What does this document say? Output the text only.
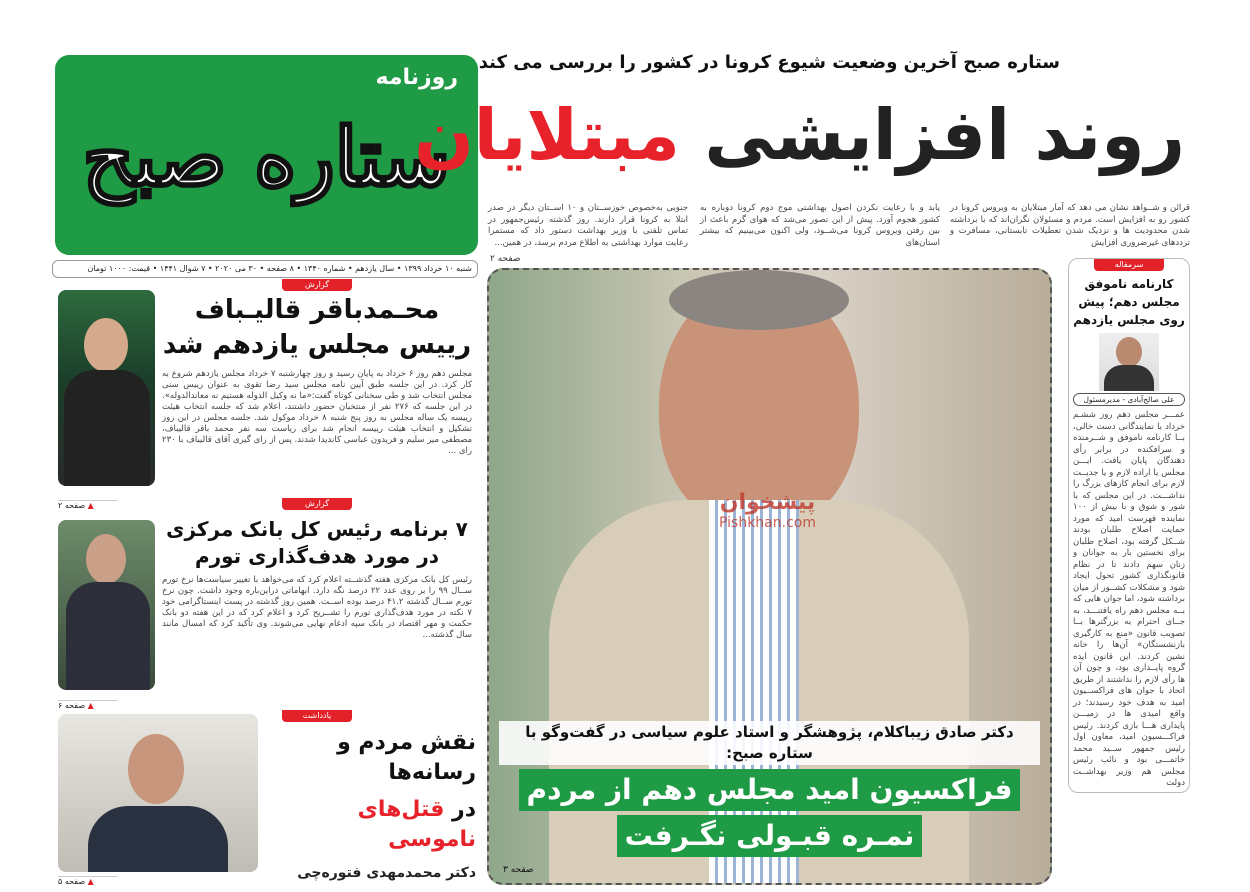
روزنامه
ستاره صبح
شنبه ۱۰ خرداد ۱۳۹۹ • سال یازدهم • شماره ۱۳۴۰ • ۸ صفحه • ۳۰ می ۲۰۲۰ • ۷ شوال ۱۴۴۱ • قیمت: ۱۰۰۰ تومان
ستاره صبح آخرین وضعیت شیوع کرونا در کشور را بررسی می کند
روند افزایشی مبتلایان
قرائن و شــواهد نشان می دهد که آمار مبتلایان به ویروس کرونا در کشور رو به افزایش است. مردم و مسئولان نگران‌اند که با برداشته شدن محدودیت ها و نزدیک شدن تعطیلات تابستانی، مسافرت و ترددهای غیرضروری افزایش
یابد و با رعایت نکردن اصول بهداشتی موج دوم کرونا دوباره به کشور هجوم آورد. پیش از این تصور می‌شد که هوای گرم باعث از بین رفتن ویروس کرونا می‌شــود، ولی اکنون می‌بینیم که بیشتر استان‌های
جنوبی به‌خصوص خوزســتان و ۱۰ اســتان دیگر در صدر ابتلا به کرونا قرار دارند. روز گذشته رئیس‌جمهور در تماس تلفنی با وزیر بهداشت دستور داد که مستمرا رعایت موارد بهداشتی به اطلاع مردم برسد، در همین...
صفحه ۲
گزارش
محـمدباقر قالیـباف
رییس مجلس یازدهم شد
مجلس دهم روز ۶ خرداد به پایان رسید و روز چهارشنبه ۷ خرداد مجلس یازدهم شروع به کار کرد. در این جلسه طبق آیین نامه مجلس سید رضا تقوی به عنوان رییس سنی مجلس انتخاب شد و طی سخنانی کوتاه گفت:«ما نه وکیل الدوله هستیم نه معاندالدوله». در این جلسه که ۲۷۶ نفر از منتخبان حضور داشتند، اعلام شد که جلسه انتخاب هیئت رییسه یک ساله مجلس به روز پنج شنبه ۸ خرداد موکول شد. جلسه مجلس در این روز تشکیل و انتخاب هیئت رییسه انجام شد برای ریاست سه نفر محمد باقر قالیباف، مصطفی میر سلیم و فریدون عباسی کاندیدا شدند. پس از رای گیری آقای قالیباف با ۲۳۰ رای ...
▲ صفحه ۲	گزارش
۷ برنامه رئیس کل بانک مرکزی
در مورد هدف‌گذاری تورم
رئیس کل بانک مرکزی هفته گذشــته اعلام کرد که می‌خواهد با تغییر سیاست‌ها نرخ تورم ســال ۹۹ را بر روی عدد ۲۲ درصد نگه دارد. ابهاماتی دراین‌باره وجود داشت. چون نرخ تورم ســال گذشته ۴۱.۲ درصد بوده اســت. همین روز گذشته در پست اینستاگرامی خود ۷ نکته در مورد هدف‌گذاری تورم را تشــریح کرد و اعلام کرد که در این هفته دو بانک حکمت و مهر اقتصاد در بانک سپه ادغام نهایی می‌شوند. وی تأکید کرد که امسال مانند سال گذشته...
▲ صفحه ۶
یادداشت
نقش مردم و رسانه‌ها
در قتل‌های ناموسی
دکتر محمدمهدی فتوره‌چی
▲ صفحه ۵
پیشخوان
Pishkhan.com
دکتر صادق زیباکلام، پژوهشگر و استاد علوم سیاسی در گفت‌وگو با ستاره صبح:
فراکسیون امید مجلس دهم از مردم
نمـره قبـولی نگـرفت
صفحه ۳
سرمقاله
کارنامه ناموفق مجلس دهم؛ پیش روی مجلس یازدهم
علی صالح‌آبادی - مدیرمسئول
عمـــر مجلس دهم روز ششـم خرداد با نمایندگانی دست خالی، بــا کارنامه ناموفق و شــرمنده و سرافکنده در برابر رأی دهندگان پایان یافت. ایـــن مجلس یا اراده لازم و یا جدیــت لازم برای انجام کارهای بزرگ را نداشـــت. در این مجلس که با شور و شوق و با بیش از ۱۰۰ نماینده فهرست امید که مورد حمایت اصلاح طلبان بودند شــکل گرفته بود، اصلاح طلبان برای نخستین بار به جوانان و زنان سهم دادند تا در نظام قانونگذاری کشور تحول ایجاد شود و مشکلات کشــور از میان برداشته شود، اما جوان هایی که بــه مجلس دهم راه یافتنـــد، به جــای احترام به بزرگترها بــا تصویب قانون «منع به کارگیری بازنشستگان» آن‌ها را خانه نشین کردند. این قانون ایده گروه پایــداری بود، و چون آن ها رأی لازم را نداشتند از طریق اتحاد با جوان های فراکســیون امید به هدف خود رسیدند؛ در واقع امیدی ها در زمیـــن پایداری هـــا بازی کردند. رئیس فراکـــسیون امید، معاون اول رئیس جمهور ســید محمد خاتمـــی بود و نائب رئیس مجلس هم وزیر بهداشــت دولت
